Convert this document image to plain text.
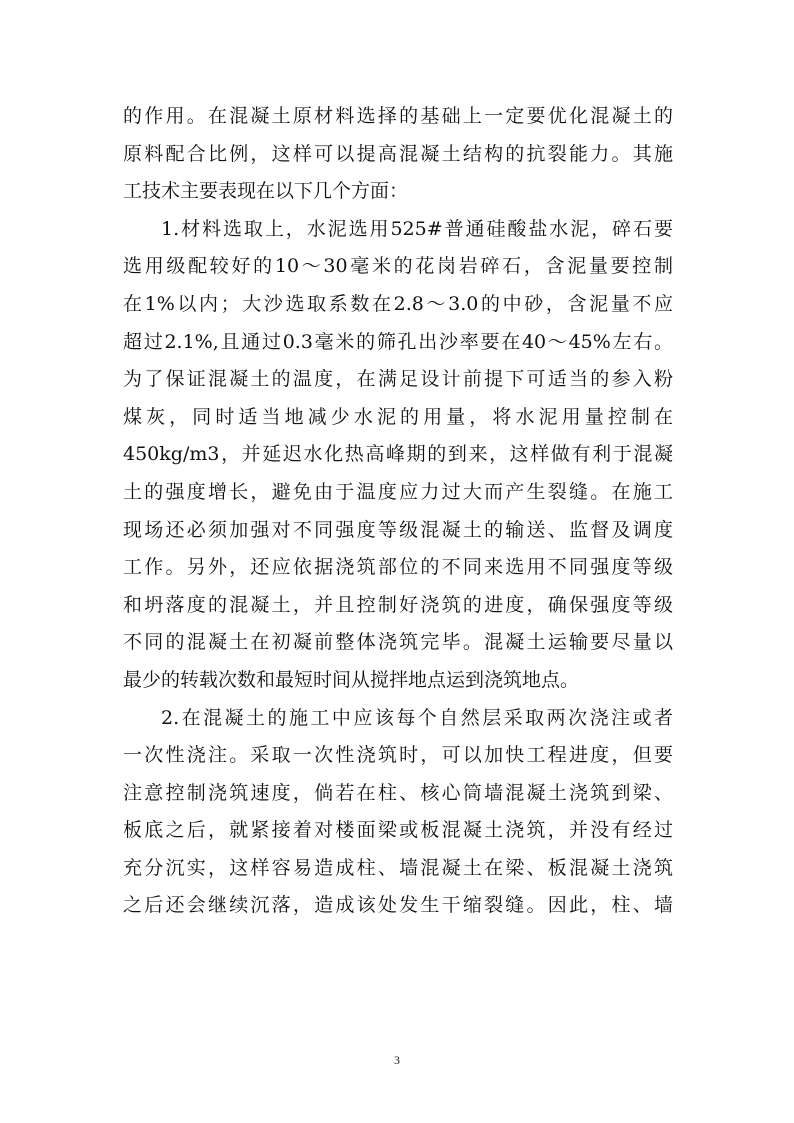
的作用。在混凝土原材料选择的基础上一定要优化混凝土的
原料配合比例，这样可以提高混凝土结构的抗裂能力。其施
工技术主要表现在以下几个方面：
1.材料选取上，水泥选用525#普通硅酸盐水泥，碎石要
选用级配较好的10～30毫米的花岗岩碎石，含泥量要控制
在1%以内；大沙选取系数在2.8～3.0的中砂，含泥量不应
超过2.1%,且通过0.3毫米的筛孔出沙率要在40～45%左右。
为了保证混凝土的温度，在满足设计前提下可适当的参入粉
煤灰，同时适当地减少水泥的用量，将水泥用量控制在
450kg/m3，并延迟水化热高峰期的到来，这样做有利于混凝
土的强度增长，避免由于温度应力过大而产生裂缝。在施工
现场还必须加强对不同强度等级混凝土的输送、监督及调度
工作。另外，还应依据浇筑部位的不同来选用不同强度等级
和坍落度的混凝土，并且控制好浇筑的进度，确保强度等级
不同的混凝土在初凝前整体浇筑完毕。混凝土运输要尽量以
最少的转载次数和最短时间从搅拌地点运到浇筑地点。
2.在混凝土的施工中应该每个自然层采取两次浇注或者
一次性浇注。采取一次性浇筑时，可以加快工程进度，但要
注意控制浇筑速度，倘若在柱、核心筒墙混凝土浇筑到梁、
板底之后，就紧接着对楼面梁或板混凝土浇筑，并没有经过
充分沉实，这样容易造成柱、墙混凝土在梁、板混凝土浇筑
之后还会继续沉落，造成该处发生干缩裂缝。因此，柱、墙
3
